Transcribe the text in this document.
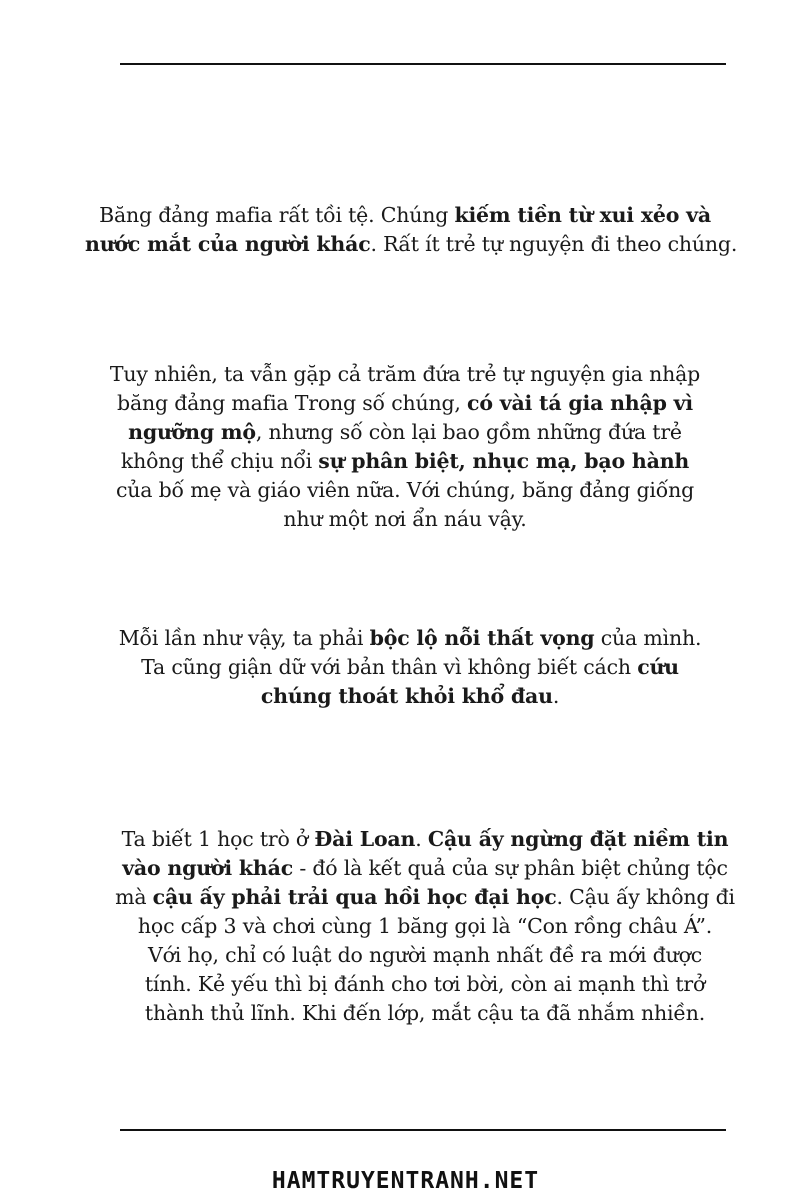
Băng đảng mafia rất tồi tệ. Chúng kiếm tiền từ xui xẻo và
nước mắt của người khác. Rất ít trẻ tự nguyện đi theo chúng.
Tuy nhiên, ta vẫn gặp cả trăm đứa trẻ tự nguyện gia nhập
băng đảng mafia Trong số chúng, có vài tá gia nhập vì
ngưỡng mộ, nhưng số còn lại bao gồm những đứa trẻ
không thể chịu nổi sự phân biệt, nhục mạ, bạo hành
của bố mẹ và giáo viên nữa. Với chúng, băng đảng giống
như một nơi ẩn náu vậy.
Mỗi lần như vậy, ta phải bộc lộ nỗi thất vọng của mình.
Ta cũng giận dữ với bản thân vì không biết cách cứu
chúng thoát khỏi khổ đau.
Ta biết 1 học trò ở Đài Loan. Cậu ấy ngừng đặt niềm tin
vào người khác - đó là kết quả của sự phân biệt chủng tộc
mà cậu ấy phải trải qua hồi học đại học. Cậu ấy không đi
học cấp 3 và chơi cùng 1 băng gọi là “Con rồng châu Á”.
Với họ, chỉ có luật do người mạnh nhất đề ra mới được
tính. Kẻ yếu thì bị đánh cho tơi bời, còn ai mạnh thì trở
thành thủ lĩnh. Khi đến lớp, mắt cậu ta đã nhắm nhiền.
HAMTRUYENTRANH.NET
